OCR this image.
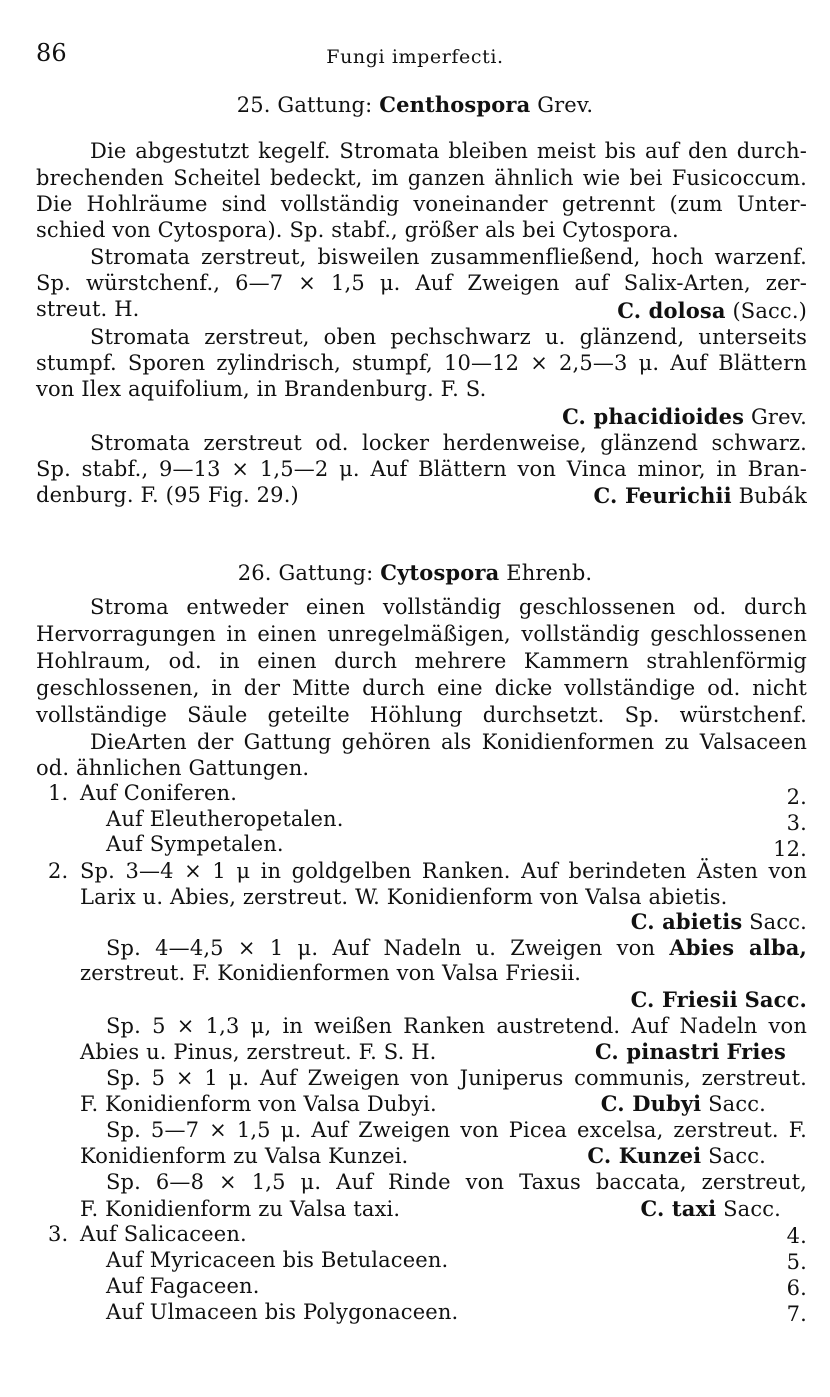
86	Fungi imperfecti.
25. Gattung: Centhospora Grev.
Die abgestutzt kegelf. Stromata bleiben meist bis auf den durch-
brechenden Scheitel bedeckt, im ganzen ähnlich wie bei Fusicoccum.
Die Hohlräume sind vollständig voneinander getrennt (zum Unter-
schied von Cytospora). Sp. stabf., größer als bei Cytospora.
Stromata zerstreut, bisweilen zusammenfließend, hoch warzenf.
Sp. würstchenf., 6—7 × 1,5 μ. Auf Zweigen auf Salix-Arten, zer-
streut. H.	C. dolosa (Sacc.)
Stromata zerstreut, oben pechschwarz u. glänzend, unterseits
stumpf. Sporen zylindrisch, stumpf, 10—12 × 2,5—3 μ. Auf Blättern
von Ilex aquifolium, in Brandenburg. F. S.
C. phacidioides Grev.
Stromata zerstreut od. locker herdenweise, glänzend schwarz.
Sp. stabf., 9—13 × 1,5—2 μ. Auf Blättern von Vinca minor, in Bran-
denburg. F. (95 Fig. 29.)	C. Feurichii Bubák
26. Gattung: Cytospora Ehrenb.
Stroma entweder einen vollständig geschlossenen od. durch
Hervorragungen in einen unregelmäßigen, vollständig geschlossenen
Hohlraum, od. in einen durch mehrere Kammern strahlenförmig
geschlossenen, in der Mitte durch eine dicke vollständige od. nicht
vollständige Säule geteilte Höhlung durchsetzt. Sp. würstchenf.
DieArten der Gattung gehören als Konidienformen zu Valsaceen
od. ähnlichen Gattungen.
1. Auf Coniferen.	2.
Auf Eleutheropetalen.	3.
Auf Sympetalen.	12.
2. Sp. 3—4 × 1 μ in goldgelben Ranken. Auf berindeten Ästen von
Larix u. Abies, zerstreut. W. Konidienform von Valsa abietis.
C. abietis Sacc.
Sp. 4—4,5 × 1 μ. Auf Nadeln u. Zweigen von Abies alba,
zerstreut. F. Konidienformen von Valsa Friesii.
C. Friesii Sacc.
Sp. 5 × 1,3 μ, in weißen Ranken austretend. Auf Nadeln von
Abies u. Pinus, zerstreut. F. S. H.	C. pinastri Fries
Sp. 5 × 1 μ. Auf Zweigen von Juniperus communis, zerstreut.
F. Konidienform von Valsa Dubyi.	C. Dubyi Sacc.
Sp. 5—7 × 1,5 μ. Auf Zweigen von Picea excelsa, zerstreut. F.
Konidienform zu Valsa Kunzei.	C. Kunzei Sacc.
Sp. 6—8 × 1,5 μ. Auf Rinde von Taxus baccata, zerstreut,
F. Konidienform zu Valsa taxi.	C. taxi Sacc.
3. Auf Salicaceen.	4.
Auf Myricaceen bis Betulaceen.	5.
Auf Fagaceen.	6.
Auf Ulmaceen bis Polygonaceen.	7.
